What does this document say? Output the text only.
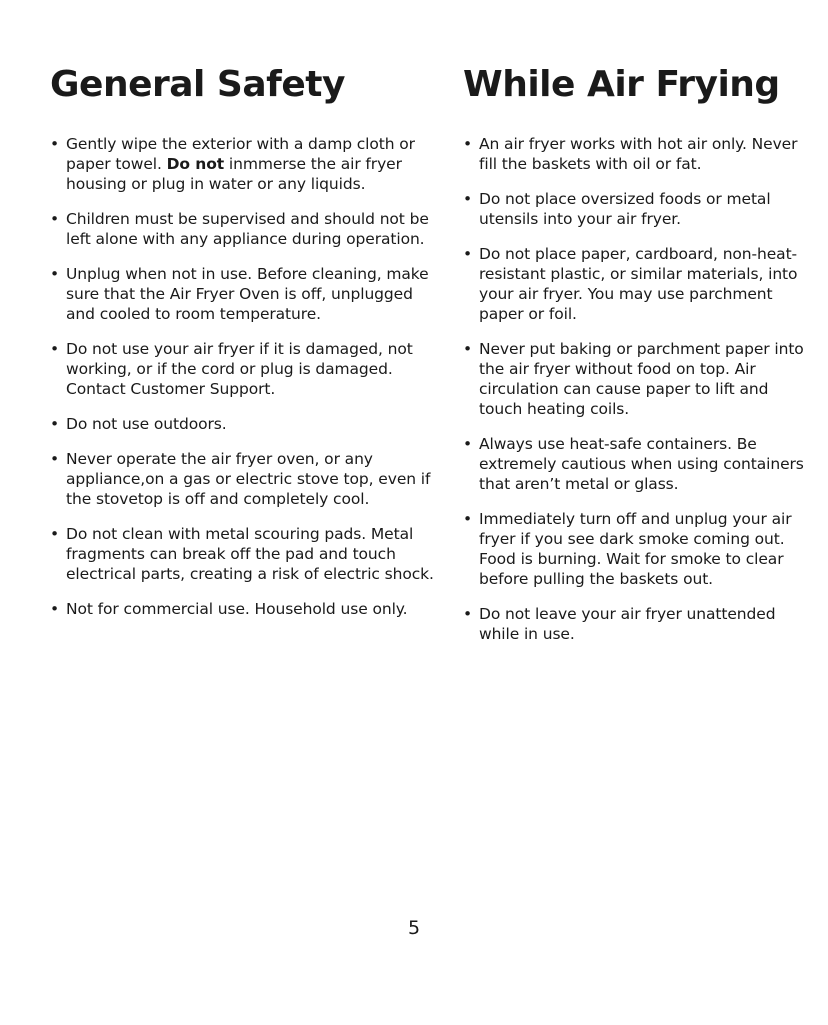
General Safety
• Gently wipe the exterior with a damp cloth or paper towel. Do not inmmerse the air fryer housing or plug in water or any liquids.
• Children must be supervised and should not be left alone with any appliance during operation.
• Unplug when not in use. Before cleaning, make sure that the Air Fryer Oven is off, unplugged and cooled to room temperature.
• Do not use your air fryer if it is damaged, not working, or if the cord or plug is damaged. Contact Customer Support.
• Do not use outdoors.
• Never operate the air fryer oven, or any appliance,on a gas or electric stove top, even if the stovetop is off and completely cool.
• Do not clean with metal scouring pads. Metal fragments can break off the pad and touch electrical parts, creating a risk of electric shock.
• Not for commercial use. Household use only.
While Air Frying
• An air fryer works with hot air only. Never fill the baskets with oil or fat.
• Do not place oversized foods or metal utensils into your air fryer.
• Do not place paper, cardboard, non-heat-resistant plastic, or similar materials, into your air fryer. You may use parchment paper or foil.
• Never put baking or parchment paper into the air fryer without food on top. Air circulation can cause paper to lift and touch heating coils.
• Always use heat-safe containers. Be extremely cautious when using containers that aren’t metal or glass.
• Immediately turn off and unplug your air fryer if you see dark smoke coming out. Food is burning. Wait for smoke to clear before pulling the baskets out.
• Do not leave your air fryer unattended while in use.
5
